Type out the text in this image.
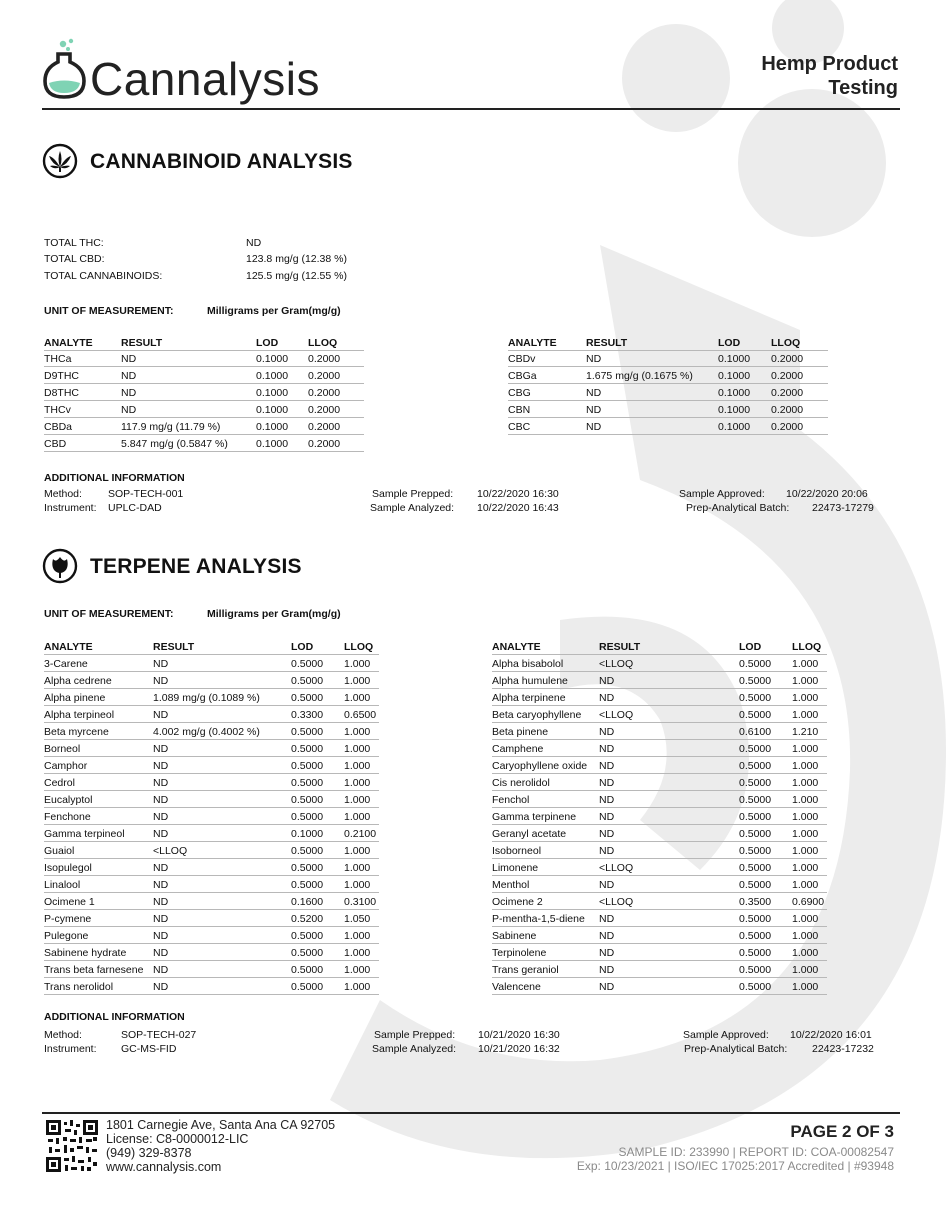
Cannalysis	Hemp Product
Testing
CANNABINOID ANALYSIS
TOTAL THC:	ND
TOTAL CBD:	123.8 mg/g (12.38 %)
TOTAL CANNABINOIDS:	125.5 mg/g (12.55 %)
UNIT OF MEASUREMENT:	Milligrams per Gram(mg/g)
ADDITIONAL INFORMATION
Method: SOP-TECH-001
Instrument: UPLC-DAD
Sample Prepped: 10/22/2020 16:30
Sample Analyzed: 10/22/2020 16:43
Sample Approved: 10/22/2020 20:06
Prep-Analytical Batch: 22473-17279
TERPENE ANALYSIS
UNIT OF MEASUREMENT:	Milligrams per Gram(mg/g)
ADDITIONAL INFORMATION
Method:	SOP-TECH-027
Instrument: GC-MS-FID
Sample Prepped: 10/21/2020 16:30
Sample Analyzed: 10/21/2020 16:32
Sample Approved: 10/22/2020 16:01
Prep-Analytical Batch: 22423-17232
1801 Carnegie Ave, Santa Ana CA 92705
License: C8-0000012-LIC
(949) 329-8378
www.cannalysis.com
PAGE 2 OF 3
SAMPLE ID: 233990 | REPORT ID: COA-00082547
Exp: 10/23/2021 | ISO/IEC 17025:2017 Accredited | #93948
ANALYTE	RESULT	LOD	LLOQ
THCa	ND	0.1000 0.2000
D9THC	ND	0.1000 0.2000
D8THC	ND	0.1000 0.2000
THCv	ND	0.1000 0.2000
CBDa	117.9 mg/g (11.79 %)	0.1000 0.2000
CBD	5.847 mg/g (0.5847 %)	0.1000 0.2000
ANALYTE	RESULT	LOD	LLOQ
CBDv	ND	0.1000 0.2000
CBGa	1.675 mg/g (0.1675 %) 0.1000 0.2000
CBG	ND	0.1000 0.2000
CBN	ND	0.1000 0.2000
CBC	ND	0.1000 0.2000
ANALYTE	RESULT	LOD	LLOQ
3-Carene	ND	0.5000 1.000
Alpha cedrene	ND	0.5000 1.000
Alpha pinene	1.089 mg/g (0.1089 %)	0.5000 1.000
Alpha terpineol	ND	0.3300 0.6500
Beta myrcene	4.002 mg/g (0.4002 %)	0.5000 1.000
Borneol	ND	0.5000 1.000
Camphor	ND	0.5000 1.000
Cedrol	ND	0.5000 1.000
Eucalyptol	ND	0.5000 1.000
Fenchone	ND	0.5000 1.000
Gamma terpineol	ND	0.1000 0.2100
Guaiol	<LLOQ	0.5000 1.000
Isopulegol	ND	0.5000 1.000
Linalool	ND	0.5000 1.000
Ocimene 1	ND	0.1600 0.3100
P-cymene	ND	0.5200 1.050
Pulegone	ND	0.5000 1.000
Sabinene hydrate	ND	0.5000 1.000
Trans beta farnesene ND	0.5000 1.000
Trans nerolidol	ND	0.5000 1.000
ANALYTE	RESULT	LOD	LLOQ
Alpha bisabolol	<LLOQ	0.5000 1.000
Alpha humulene	ND	0.5000 1.000
Alpha terpinene	ND	0.5000 1.000
Beta caryophyllene <LLOQ	0.5000 1.000
Beta pinene	ND	0.6100 1.210
Camphene	ND	0.5000 1.000
Caryophyllene oxide ND	0.5000 1.000
Cis nerolidol	ND	0.5000 1.000
Fenchol	ND	0.5000 1.000
Gamma terpinene ND	0.5000 1.000
Geranyl acetate	ND	0.5000 1.000
Isoborneol	ND	0.5000 1.000
Limonene	<LLOQ	0.5000 1.000
Menthol	ND	0.5000 1.000
Ocimene 2	<LLOQ	0.3500 0.6900
P-mentha-1,5-diene ND	0.5000 1.000
Sabinene	ND	0.5000 1.000
Terpinolene	ND	0.5000 1.000
Trans geraniol	ND	0.5000 1.000
Valencene	ND	0.5000 1.000
